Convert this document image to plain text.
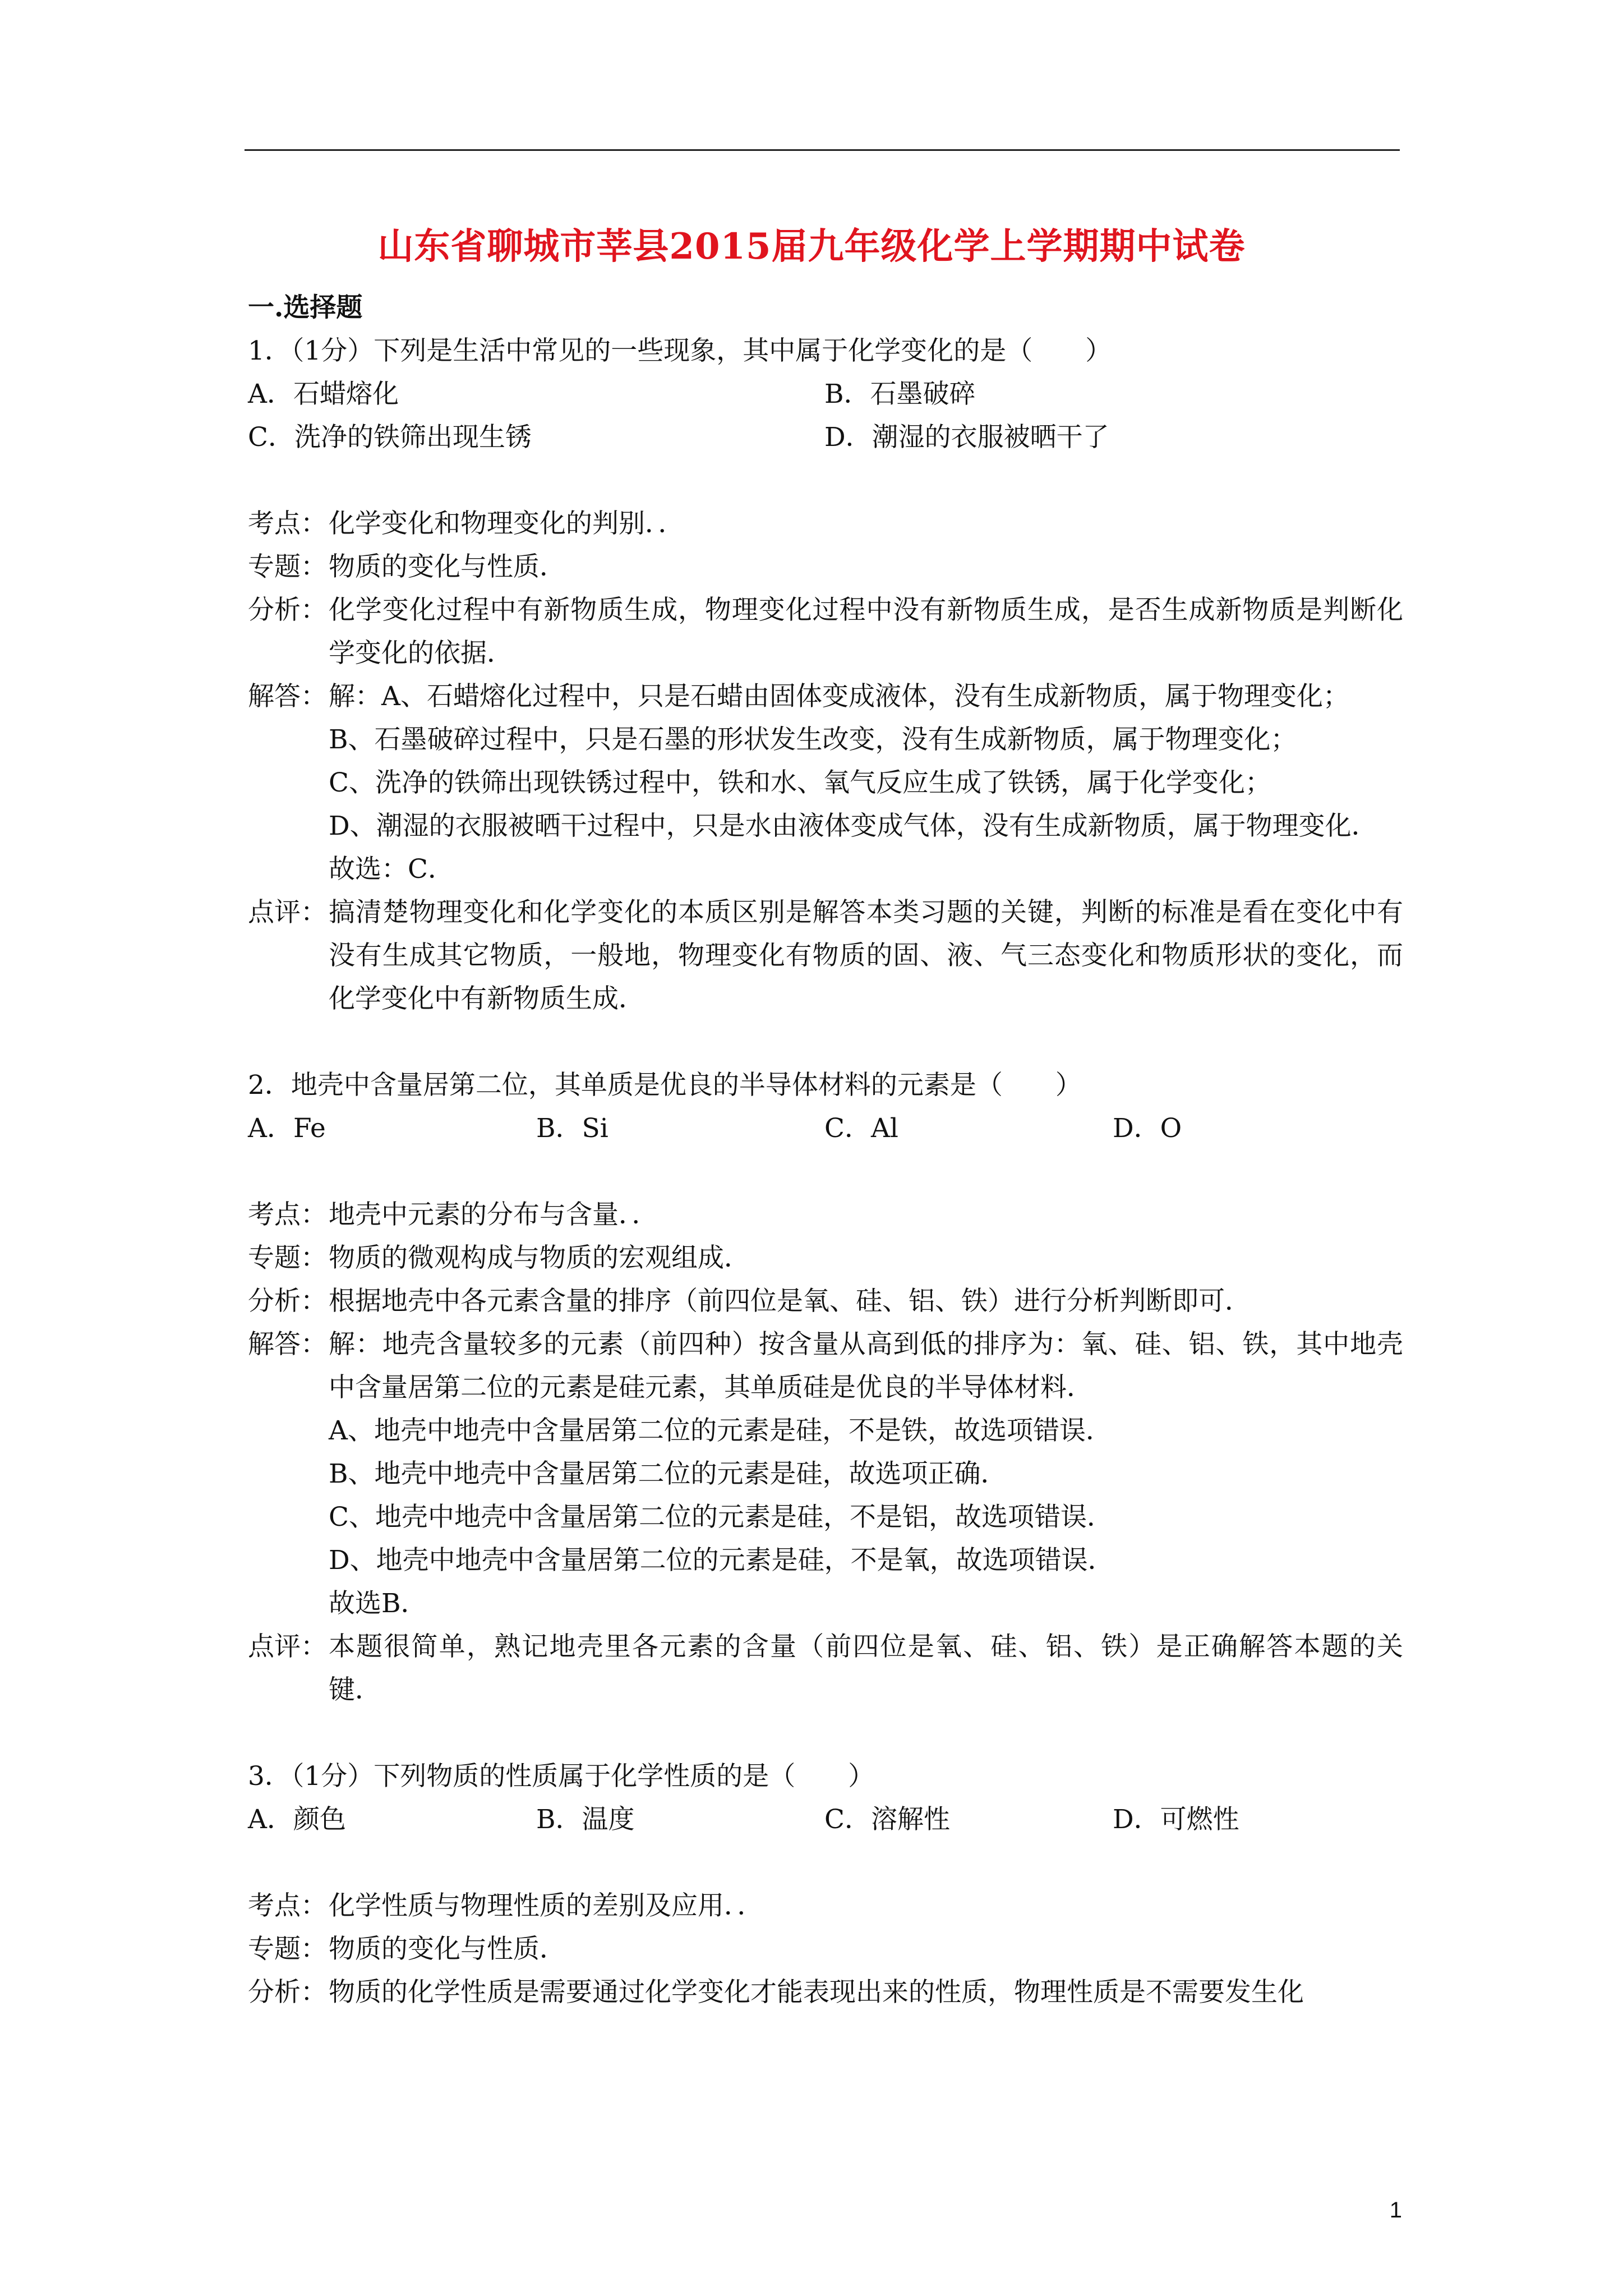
山东省聊城市莘县2015届九年级化学上学期期中试卷
一.选择题
1．（1分）下列是生活中常见的一些现象，其中属于化学变化的是（　　）
A．石蜡熔化	B．石墨破碎
C．洗净的铁筛出现生锈	D．潮湿的衣服被晒干了
考点： 化学变化和物理变化的判别．．
专题： 物质的变化与性质．
分析： 化学变化过程中有新物质生成，物理变化过程中没有新物质生成，是否生成新物质是判断化学变化的依据．
解答： 解：A、石蜡熔化过程中，只是石蜡由固体变成液体，没有生成新物质，属于物理变化；
B、石墨破碎过程中，只是石墨的形状发生改变，没有生成新物质，属于物理变化；
C、洗净的铁筛出现铁锈过程中，铁和水、氧气反应生成了铁锈，属于化学变化；
D、潮湿的衣服被晒干过程中，只是水由液体变成气体，没有生成新物质，属于物理变化．
故选：C．
点评： 搞清楚物理变化和化学变化的本质区别是解答本类习题的关键，判断的标准是看在变化中有没有生成其它物质，一般地，物理变化有物质的固、液、气三态变化和物质形状的变化，而化学变化中有新物质生成．
2．地壳中含量居第二位，其单质是优良的半导体材料的元素是（　　）
A．Fe	B．Si	C．Al	D．O
考点： 地壳中元素的分布与含量．．
专题： 物质的微观构成与物质的宏观组成．
分析： 根据地壳中各元素含量的排序（前四位是氧、硅、铝、铁）进行分析判断即可．
解答： 解：地壳含量较多的元素（前四种）按含量从高到低的排序为：氧、硅、铝、铁，其中地壳中含量居第二位的元素是硅元素，其单质硅是优良的半导体材料．
A、地壳中地壳中含量居第二位的元素是硅，不是铁，故选项错误．
B、地壳中地壳中含量居第二位的元素是硅，故选项正确．
C、地壳中地壳中含量居第二位的元素是硅，不是铝，故选项错误．
D、地壳中地壳中含量居第二位的元素是硅，不是氧，故选项错误．
故选B．
点评： 本题很简单，熟记地壳里各元素的含量（前四位是氧、硅、铝、铁）是正确解答本题的关键．
3．（1分）下列物质的性质属于化学性质的是（　　）
A．颜色	B．温度	C．溶解性	D．可燃性
考点： 化学性质与物理性质的差别及应用．．
专题： 物质的变化与性质．
分析： 物质的化学性质是需要通过化学变化才能表现出来的性质，物理性质是不需要发生化
1
